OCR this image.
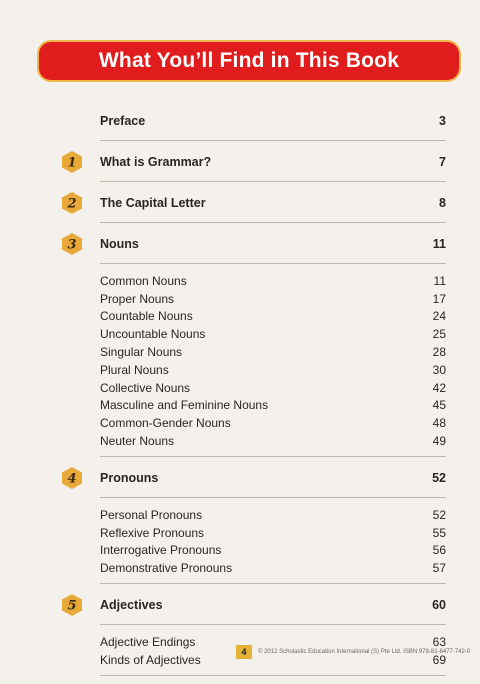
What You’ll Find in This Book
Preface	3
1 What is Grammar?	7
2 The Capital Letter	8
3 Nouns	11
Common Nouns	11
Proper Nouns	17
Countable Nouns	24
Uncountable Nouns	25
Singular Nouns	28
Plural Nouns	30
Collective Nouns	42
Masculine and Feminine Nouns	45
Common-Gender Nouns	48
Neuter Nouns	49
4 Pronouns	52
Personal Pronouns	52
Reflexive Pronouns	55
Interrogative Pronouns	56
Demonstrative Pronouns	57
5 Adjectives	60
Adjective Endings	63
Kinds of Adjectives	69
4	© 2012 Scholastic Education International (S) Pte Ltd. ISBN 978-81-8477-742-0
